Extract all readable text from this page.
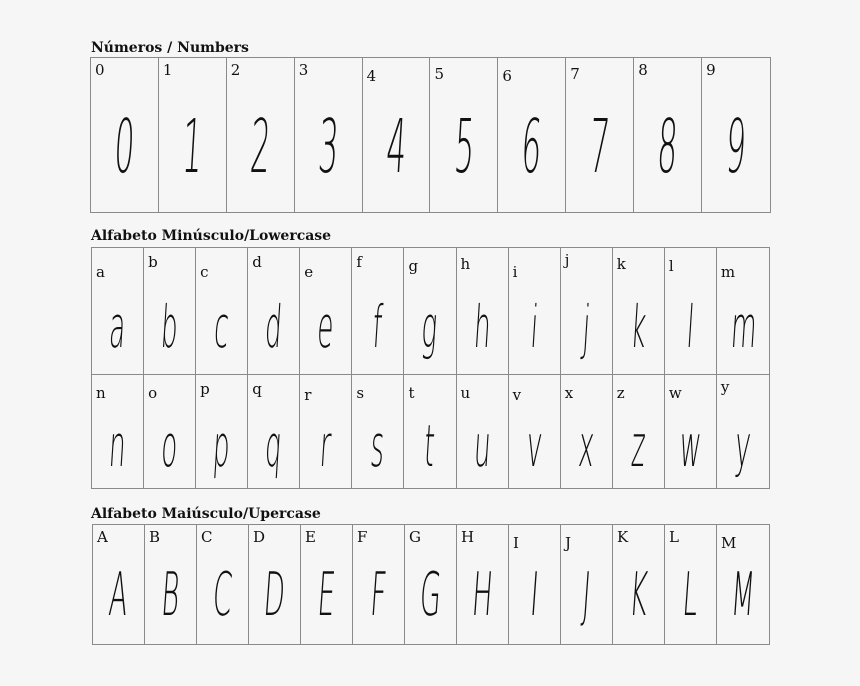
Números / Numbers
0
0
1
1
2
2
3
3
4
4
5
5
6
6
7
7
8
8
9
9
Alfabeto Minúsculo/Lowercase
a
a
b
b
c
c
d
d
e
e
f
f
g
g
h
h
i
i
j
j
k
k
l
l
m
m
n
n
o
o
p
p
q
q
r
r
s
s
t
t
u
u
v
v
x
x
z
z
w
w
y
y
Alfabeto Maiúsculo/Upercase
A
A
B
B
C
C
D
D
E
E
F
F
G
G
H
H
I
I
J
J
K
K
L
L
M
M
